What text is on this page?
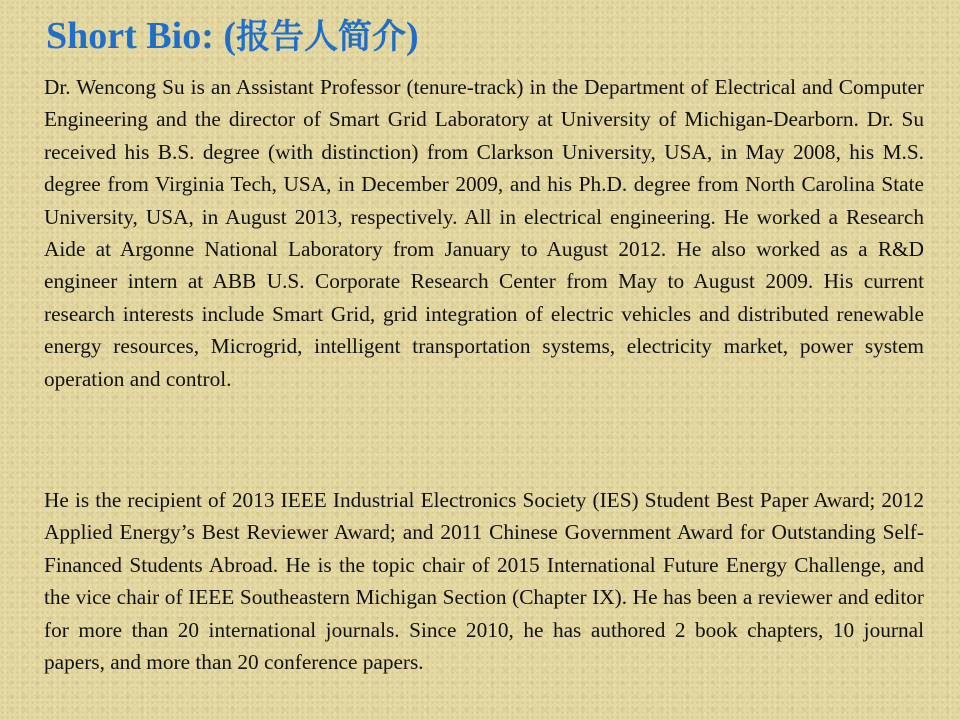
Short Bio: (报告人简介)

Dr. Wencong Su is an Assistant Professor (tenure-track) in the Department of Electrical and Computer Engineering and the director of Smart Grid Laboratory at University of Michigan-Dearborn. Dr. Su received his B.S. degree (with distinction) from Clarkson University, USA, in May 2008, his M.S. degree from Virginia Tech, USA, in December 2009, and his Ph.D. degree from North Carolina State University, USA, in August 2013, respectively. All in electrical engineering. He worked a Research Aide at Argonne National Laboratory from January to August 2012. He also worked as a R&D engineer intern at ABB U.S. Corporate Research Center from May to August 2009. His current research interests include Smart Grid, grid integration of electric vehicles and distributed renewable energy resources, Microgrid, intelligent transportation systems, electricity market, power system operation and control.

He is the recipient of 2013 IEEE Industrial Electronics Society (IES) Student Best Paper Award; 2012 Applied Energy’s Best Reviewer Award; and 2011 Chinese Government Award for Outstanding Self-Financed Students Abroad. He is the topic chair of 2015 International Future Energy Challenge, and the vice chair of IEEE Southeastern Michigan Section (Chapter IX). He has been a reviewer and editor for more than 20 international journals. Since 2010, he has authored 2 book chapters, 10 journal papers, and more than 20 conference papers.
